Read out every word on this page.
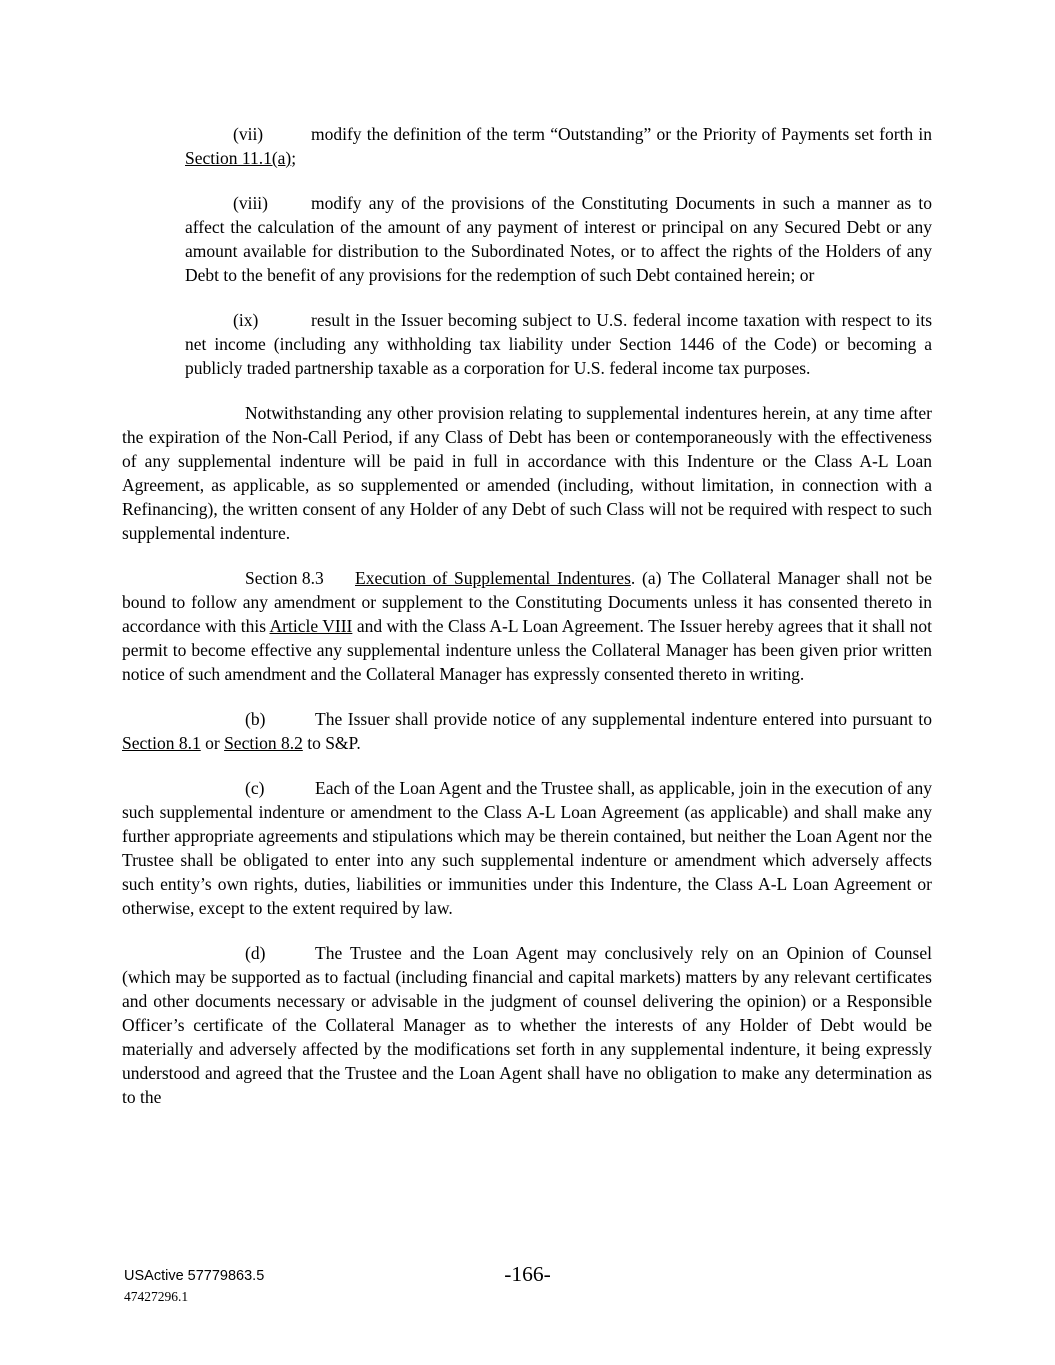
(vii)	modify the definition of the term “Outstanding” or the Priority of Payments set forth in Section 11.1(a);

(viii) modify any of the provisions of the Constituting Documents in such a manner as to affect the calculation of the amount of any payment of interest or principal on any Secured Debt or any amount available for distribution to the Subordinated Notes, or to affect the rights of the Holders of any Debt to the benefit of any provisions for the redemption of such Debt contained herein; or

(ix)	result in the Issuer becoming subject to U.S. federal income taxation with respect to its net income (including any withholding tax liability under Section 1446 of the Code) or becoming a publicly traded partnership taxable as a corporation for U.S. federal income tax purposes.

Notwithstanding any other provision relating to supplemental indentures herein, at any time after the expiration of the Non-Call Period, if any Class of Debt has been or contemporaneously with the effectiveness of any supplemental indenture will be paid in full in accordance with this Indenture or the Class A-L Loan Agreement, as applicable, as so supplemented or amended (including, without limitation, in connection with a Refinancing), the written consent of any Holder of any Debt of such Class will not be required with respect to such supplemental indenture.

Section 8.3 Execution of Supplemental Indentures. (a) The Collateral Manager shall not be bound to follow any amendment or supplement to the Constituting Documents unless it has consented thereto in accordance with this Article VIII and with the Class A-L Loan Agreement. The Issuer hereby agrees that it shall not permit to become effective any supplemental indenture unless the Collateral Manager has been given prior written notice of such amendment and the Collateral Manager has expressly consented thereto in writing.

(b)	The Issuer shall provide notice of any supplemental indenture entered into pursuant to Section 8.1 or Section 8.2 to S&P.

(c)	Each of the Loan Agent and the Trustee shall, as applicable, join in the execution of any such supplemental indenture or amendment to the Class A-L Loan Agreement (as applicable) and shall make any further appropriate agreements and stipulations which may be therein contained, but neither the Loan Agent nor the Trustee shall be obligated to enter into any such supplemental indenture or amendment which adversely affects such entity’s own rights, duties, liabilities or immunities under this Indenture, the Class A-L Loan Agreement or otherwise, except to the extent required by law.

(d)	The Trustee and the Loan Agent may conclusively rely on an Opinion of Counsel (which may be supported as to factual (including financial and capital markets) matters by any relevant certificates and other documents necessary or advisable in the judgment of counsel delivering the opinion) or a Responsible Officer’s certificate of the Collateral Manager as to whether the interests of any Holder of Debt would be materially and adversely affected by the modifications set forth in any supplemental indenture, it being expressly understood and agreed that the Trustee and the Loan Agent shall have no obligation to make any determination as to the

USActive 57779863.5
47427296.1
-166-
